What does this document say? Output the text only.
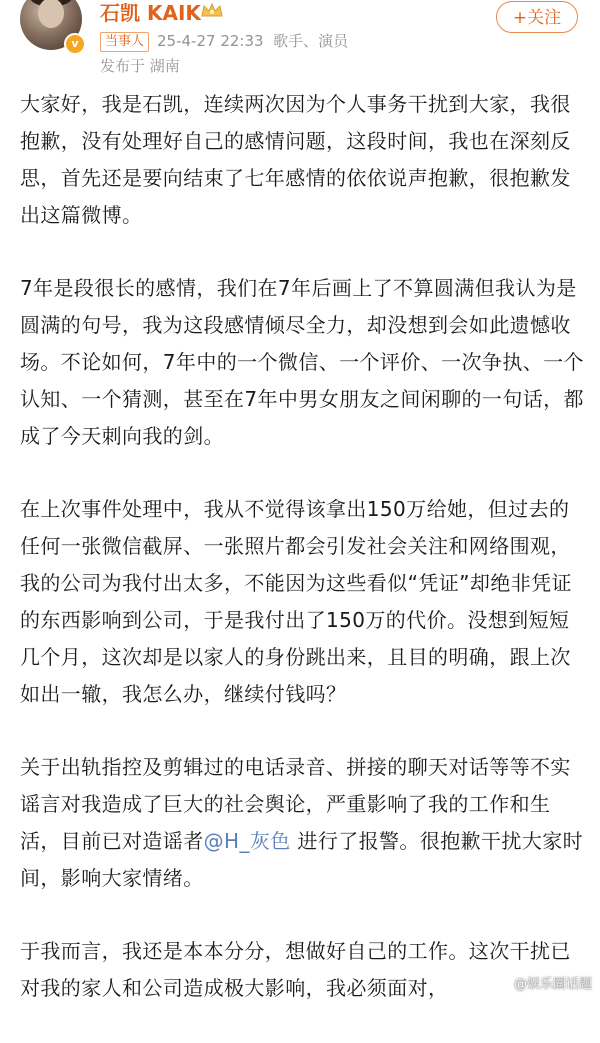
v
石凯 KAIK	+关注
当事人 25-4-27 22:33 歌手、演员
发布于 湖南

大家好，我是石凯，连续两次因为个人事务干扰到大家，我很抱歉，没有处理好自己的感情问题，这段时间，我也在深刻反思，首先还是要向结束了七年感情的依依说声抱歉，很抱歉发出这篇微博。

7年是段很长的感情，我们在7年后画上了不算圆满但我认为是圆满的句号，我为这段感情倾尽全力，却没想到会如此遗憾收场。不论如何，7年中的一个微信、一个评价、一次争执、一个认知、一个猜测，甚至在7年中男女朋友之间闲聊的一句话，都成了今天刺向我的剑。

在上次事件处理中，我从不觉得该拿出150万给她，但过去的任何一张微信截屏、一张照片都会引发社会关注和网络围观，我的公司为我付出太多，不能因为这些看似“凭证”却绝非凭证的东西影响到公司，于是我付出了150万的代价。没想到短短几个月，这次却是以家人的身份跳出来，且目的明确，跟上次如出一辙，我怎么办，继续付钱吗？

关于出轨指控及剪辑过的电话录音、拼接的聊天对话等等不实谣言对我造成了巨大的社会舆论，严重影响了我的工作和生活，目前已对造谣者@H_灰色 进行了报警。很抱歉干扰大家时间，影响大家情绪。

于我而言，我还是本本分分，想做好自己的工作。这次干扰已对我的家人和公司造成极大影响，我必须面对，	@娱乐圈话题
